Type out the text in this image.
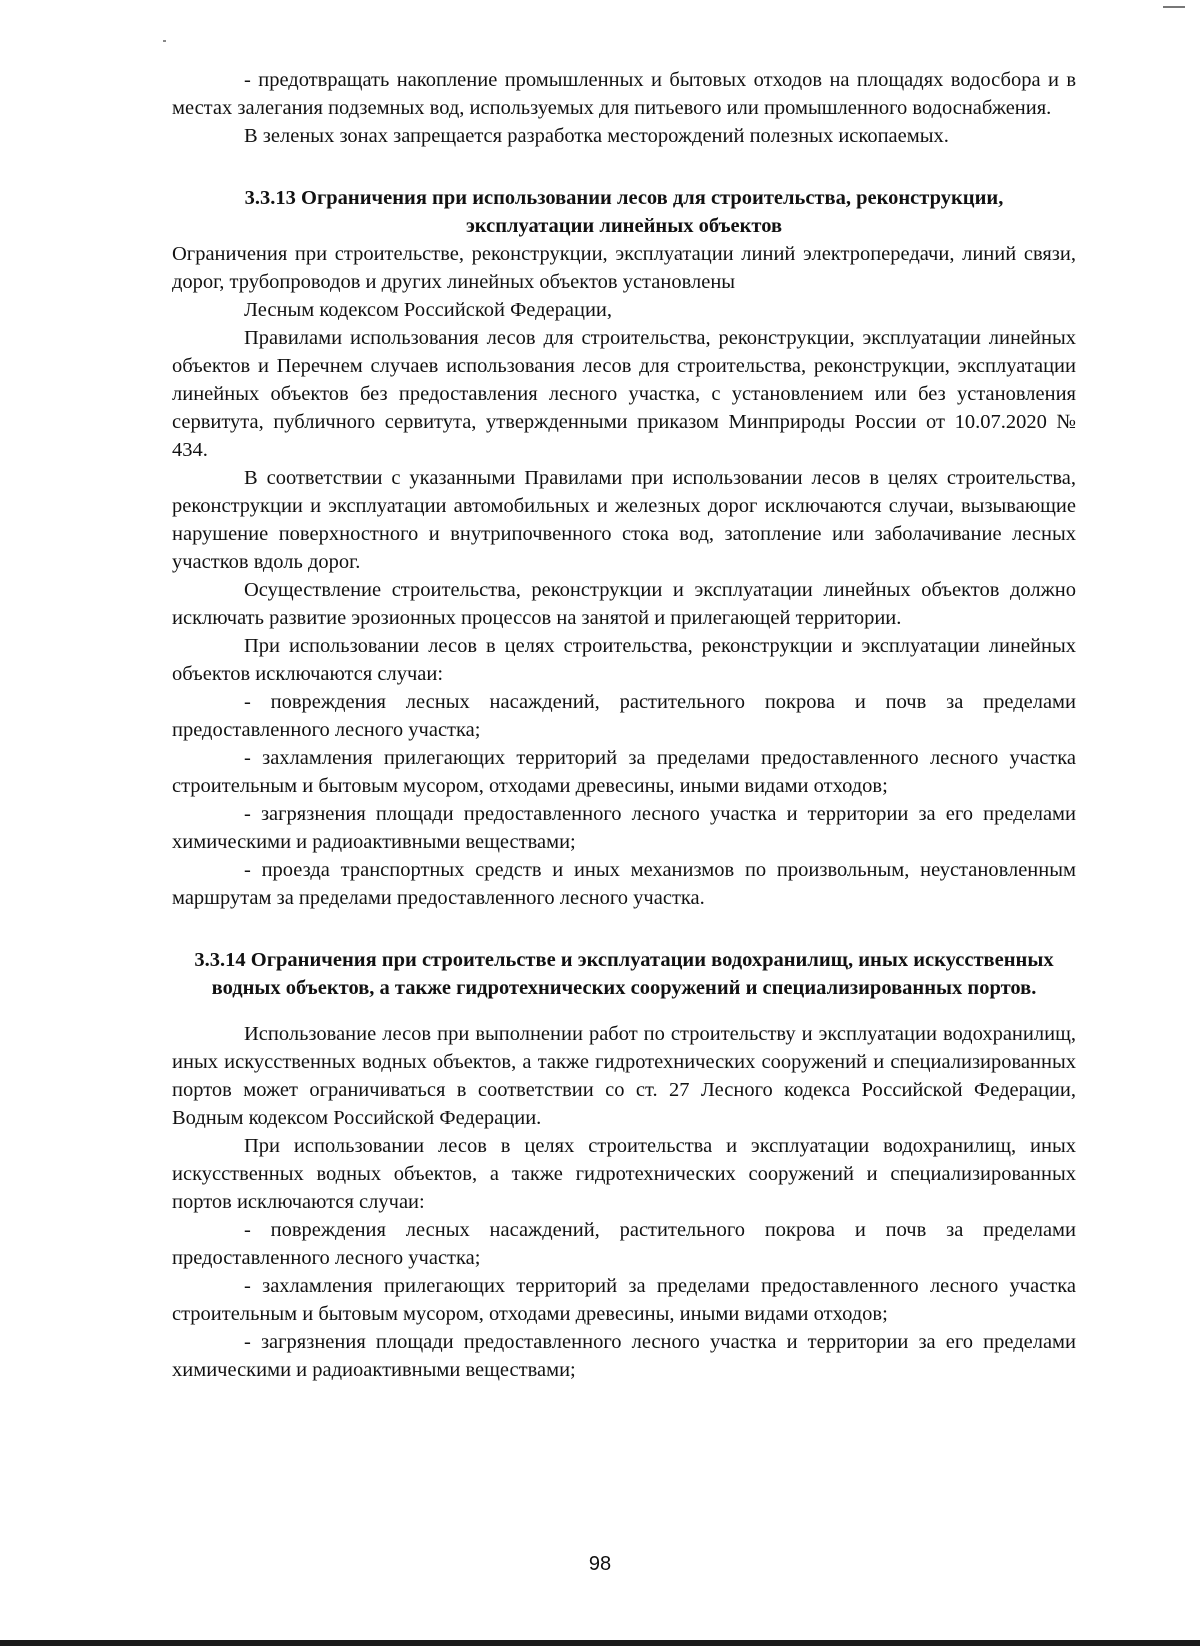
- предотвращать накопление промышленных и бытовых отходов на площадях водосбора и в местах залегания подземных вод, используемых для питьевого или промышленного водоснабжения.

В зеленых зонах запрещается разработка месторождений полезных ископаемых.

3.3.13 Ограничения при использовании лесов для строительства, реконструкции, эксплуатации линейных объектов

Ограничения при строительстве, реконструкции, эксплуатации линий электропередачи, линий связи, дорог, трубопроводов и других линейных объектов установлены

Лесным кодексом Российской Федерации,

Правилами использования лесов для строительства, реконструкции, эксплуатации линейных объектов и Перечнем случаев использования лесов для строительства, реконструкции, эксплуатации линейных объектов без предоставления лесного участка, с установлением или без установления сервитута, публичного сервитута, утвержденными приказом Минприроды России от 10.07.2020 № 434.

В соответствии с указанными Правилами при использовании лесов в целях строительства, реконструкции и эксплуатации автомобильных и железных дорог исключаются случаи, вызывающие нарушение поверхностного и внутрипочвенного стока вод, затопление или заболачивание лесных участков вдоль дорог.

Осуществление строительства, реконструкции и эксплуатации линейных объектов должно исключать развитие эрозионных процессов на занятой и прилегающей территории.

При использовании лесов в целях строительства, реконструкции и эксплуатации линейных объектов исключаются случаи:

- повреждения лесных насаждений, растительного покрова и почв за пределами предоставленного лесного участка;

- захламления прилегающих территорий за пределами предоставленного лесного участка строительным и бытовым мусором, отходами древесины, иными видами отходов;

- загрязнения площади предоставленного лесного участка и территории за его пределами химическими и радиоактивными веществами;

- проезда транспортных средств и иных механизмов по произвольным, неустановленным маршрутам за пределами предоставленного лесного участка.

3.3.14 Ограничения при строительстве и эксплуатации водохранилищ, иных искусственных водных объектов, а также гидротехнических сооружений и специализированных портов.

Использование лесов при выполнении работ по строительству и эксплуатации водохранилищ, иных искусственных водных объектов, а также гидротехнических сооружений и специализированных портов может ограничиваться в соответствии со ст. 27 Лесного кодекса Российской Федерации, Водным кодексом Российской Федерации.

При использовании лесов в целях строительства и эксплуатации водохранилищ, иных искусственных водных объектов, а также гидротехнических сооружений и специализированных портов исключаются случаи:

- повреждения лесных насаждений, растительного покрова и почв за пределами предоставленного лесного участка;

- захламления прилегающих территорий за пределами предоставленного лесного участка строительным и бытовым мусором, отходами древесины, иными видами отходов;

- загрязнения площади предоставленного лесного участка и территории за его пределами химическими и радиоактивными веществами;

98
